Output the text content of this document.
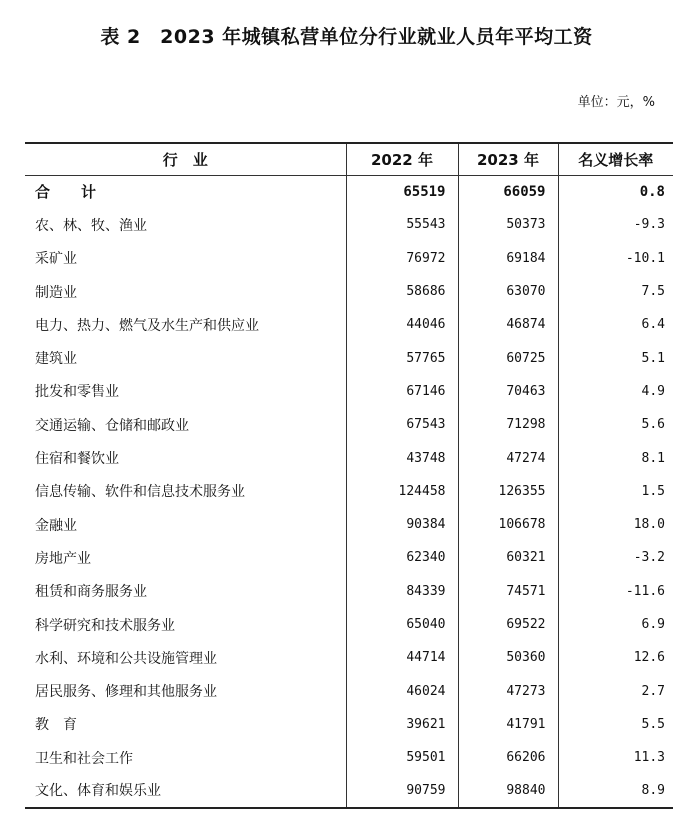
表 2　2023 年城镇私营单位分行业就业人员年平均工资
单位：元，%
行　业	2022 年	2023 年	名义增长率
合　计	65519	66059	0.8
农、林、牧、渔业	55543	50373	-9.3
采矿业	76972	69184	-10.1
制造业	58686	63070	7.5
电力、热力、燃气及水生产和供应业	44046	46874	6.4
建筑业	57765	60725	5.1
批发和零售业	67146	70463	4.9
交通运输、仓储和邮政业	67543	71298	5.6
住宿和餐饮业	43748	47274	8.1
信息传输、软件和信息技术服务业	124458	126355	1.5
金融业	90384	106678	18.0
房地产业	62340	60321	-3.2
租赁和商务服务业	84339	74571	-11.6
科学研究和技术服务业	65040	69522	6.9
水利、环境和公共设施管理业	44714	50360	12.6
居民服务、修理和其他服务业	46024	47273	2.7
教　育	39621	41791	5.5
卫生和社会工作	59501	66206	11.3
文化、体育和娱乐业	90759	98840	8.9
